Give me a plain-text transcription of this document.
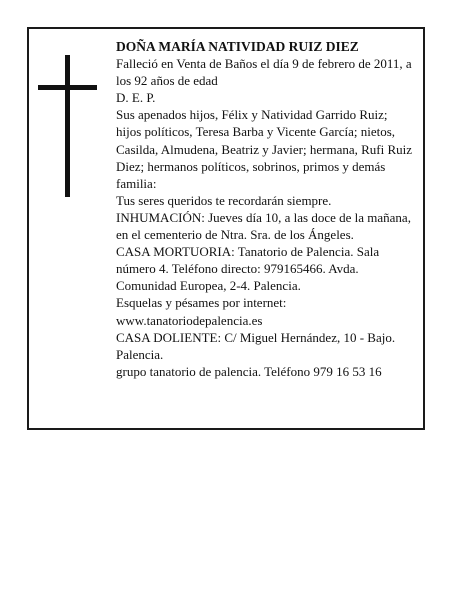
DOÑA MARÍA NATIVIDAD RUIZ DIEZ

Falleció en Venta de Baños el día 9 de febrero de 2011, a los 92 años de edad

D. E. P.

Sus apenados hijos, Félix y Natividad Garrido Ruiz; hijos políticos, Teresa Barba y Vicente García; nietos, Casilda, Almudena, Beatriz y Javier; hermana, Rufi Ruiz Diez; hermanos políticos, sobrinos, primos y demás familia:

Tus seres queridos te recordarán siempre.

INHUMACIÓN: Jueves día 10, a las doce de la mañana, en el cementerio de Ntra. Sra. de los Ángeles.

CASA MORTUORIA: Tanatorio de Palencia. Sala número 4. Teléfono directo: 979165466. Avda. Comunidad Europea, 2-4. Palencia.

Esquelas y pésames por internet: www.tanatoriodepalencia.es

CASA DOLIENTE: C/ Miguel Hernández, 10 - Bajo. Palencia.

grupo tanatorio de palencia. Teléfono 979 16 53 16
